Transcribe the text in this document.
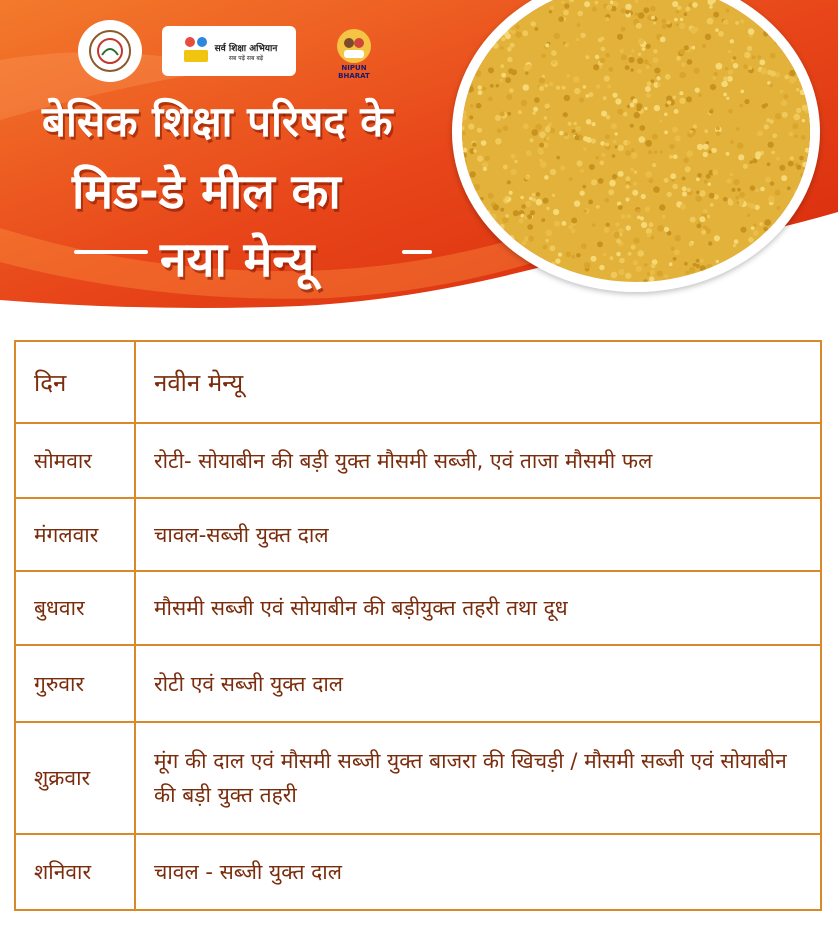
सर्व शिक्षा अभियान
सब पढ़ें सब बढ़ें
NIPUN BHARAT
बेसिक शिक्षा परिषद के
मिड-डे मील का
नया मेन्यू
दिन	नवीन मेन्यू
सोमवार	रोटी- सोयाबीन की बड़ी युक्त मौसमी सब्जी, एवं ताजा मौसमी फल
मंगलवार	चावल-सब्जी युक्त दाल
बुधवार	मौसमी सब्जी एवं सोयाबीन की बड़ीयुक्त तहरी तथा दूध
गुरुवार	रोटी एवं सब्जी युक्त दाल
शुक्रवार	मूंग की दाल एवं मौसमी सब्जी युक्त बाजरा की खिचड़ी / मौसमी सब्जी एवं सोयाबीन की बड़ी युक्त तहरी
शनिवार	चावल - सब्जी युक्त दाल
